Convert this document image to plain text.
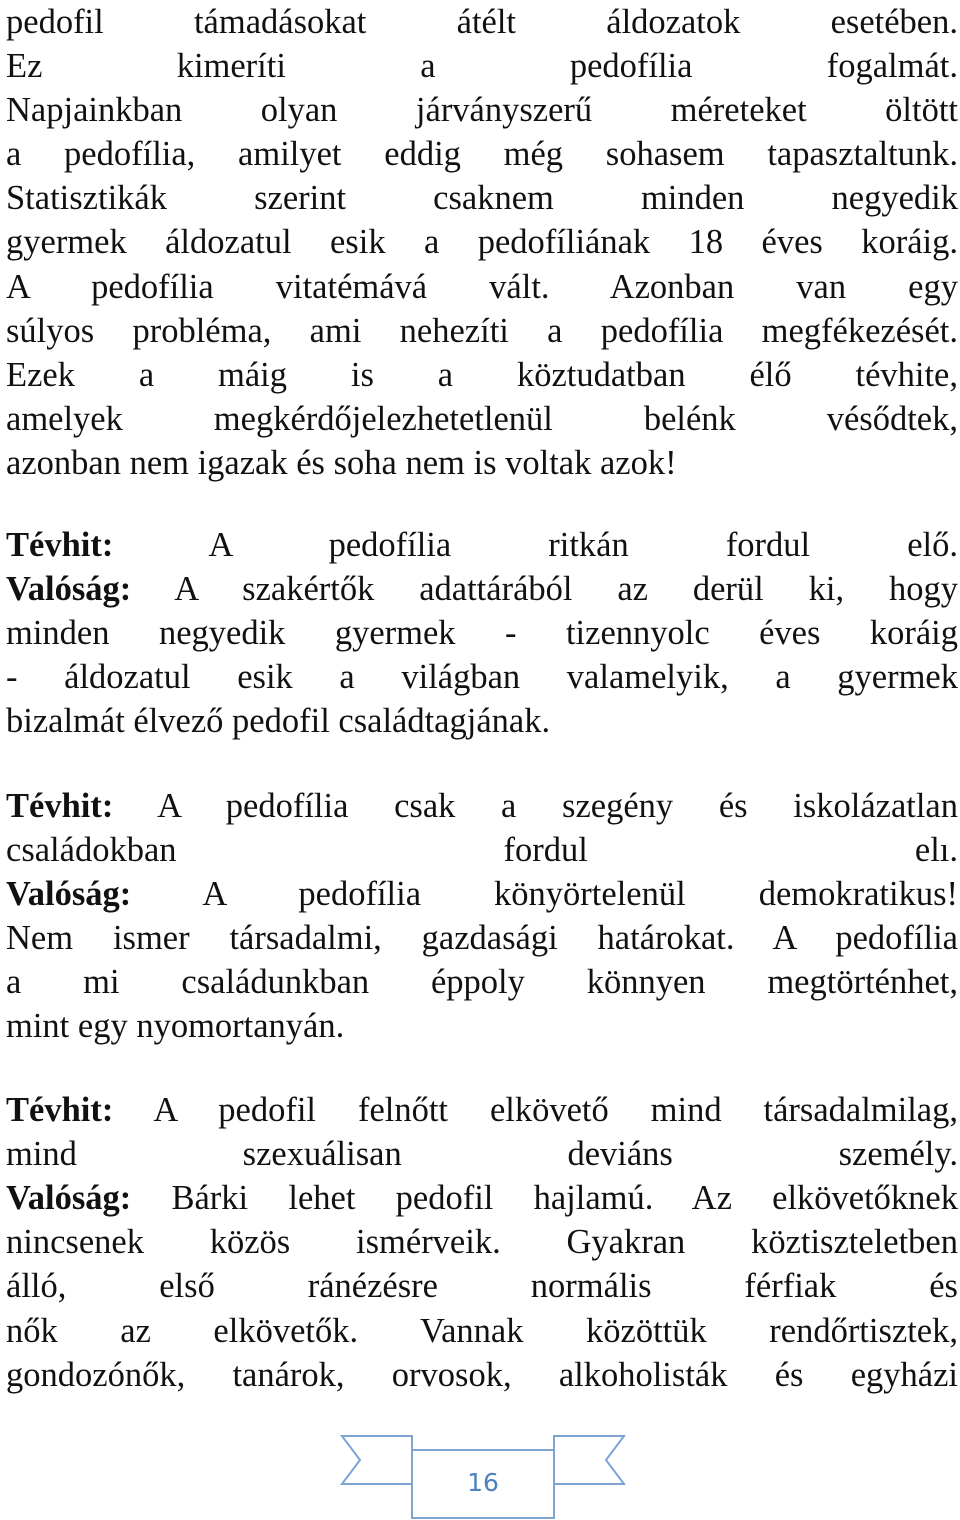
pedofil támadásokat átélt áldozatok esetében.
Ez kimeríti a pedofília fogalmát.
Napjainkban olyan járványszerű méreteket öltött
a pedofília, amilyet eddig még sohasem tapasztaltunk.
Statisztikák szerint csaknem minden negyedik
gyermek áldozatul esik a pedofíliának 18 éves koráig.
A pedofília vitatémává vált. Azonban van egy
súlyos probléma, ami nehezíti a pedofília megfékezését.
Ezek a máig is a köztudatban élő tévhite,
amelyek megkérdőjelezhetetlenül belénk vésődtek,
azonban nem igazak és soha nem is voltak azok!
Tévhit:	A pedofília ritkán fordul elő.
Valóság: A szakértők adattárából az derül ki, hogy
minden negyedik gyermek - tizennyolc éves koráig
- áldozatul esik a világban valamelyik, a gyermek
bizalmát élvező pedofil családtagjának.
Tévhit: A pedofília csak a szegény és iskolázatlan
családokban fordul elı.
Valóság: A pedofília könyörtelenül demokratikus!
Nem ismer társadalmi, gazdasági határokat. A pedofília
a mi családunkban éppoly könnyen megtörténhet,
mint egy nyomortanyán.
Tévhit: A pedofil felnőtt elkövető mind társadalmilag,
mind szexuálisan deviáns személy.
Valóság: Bárki lehet pedofil hajlamú. Az elkövetőknek
nincsenek közös ismérveik. Gyakran köztiszteletben
álló, első ránézésre normális férfiak és
nők az elkövetők. Vannak közöttük rendőrtisztek,
gondozónők, tanárok, orvosok, alkoholisták és egyházi
16
